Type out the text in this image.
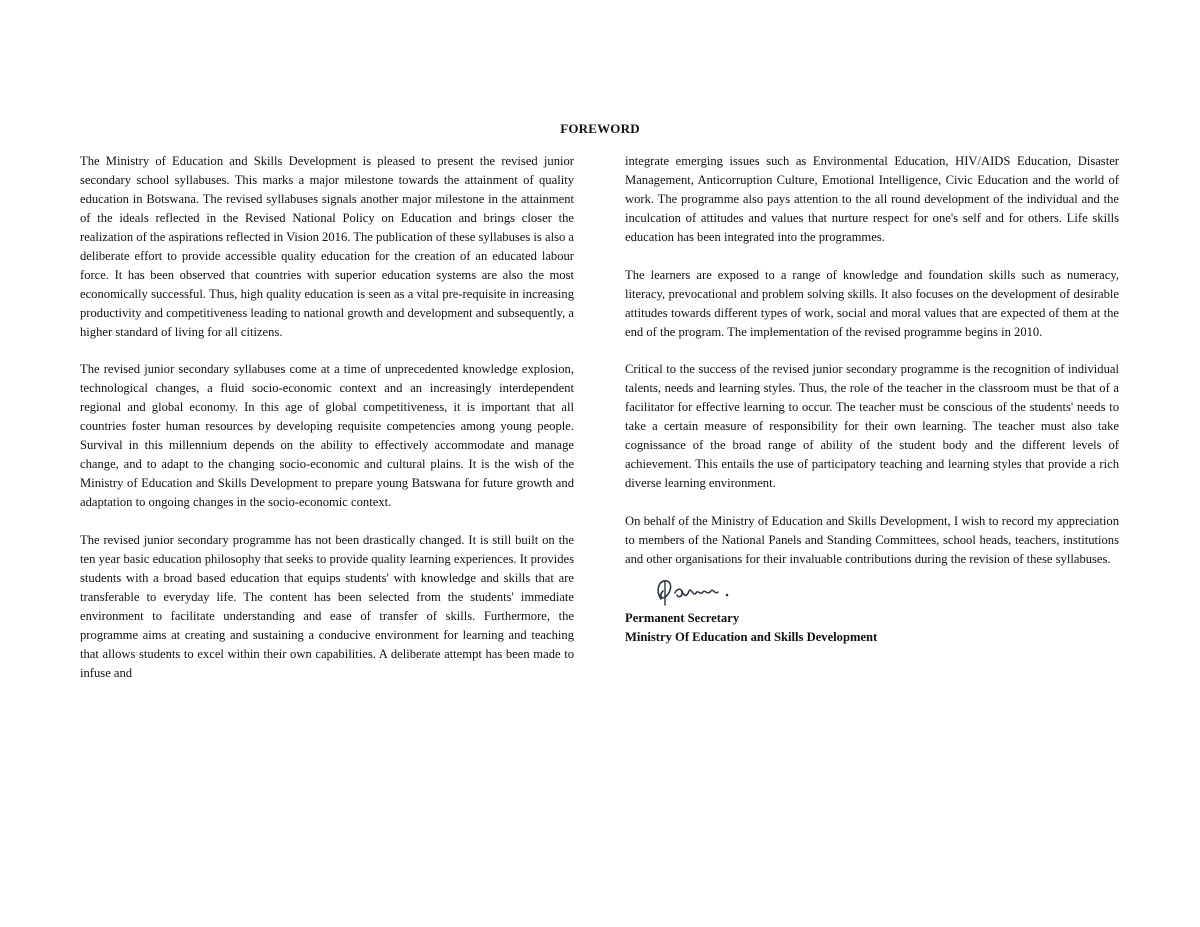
FOREWORD

The Ministry of Education and Skills Development is pleased to present the revised junior secondary school syllabuses. This marks a major milestone towards the attainment of quality education in Botswana. The revised syllabuses signals another major milestone in the attainment of the ideals reflected in the Revised National Policy on Education and brings closer the realization of the aspirations reflected in Vision 2016. The publication of these syllabuses is also a deliberate effort to provide accessible quality education for the creation of an educated labour force. It has been observed that countries with superior education systems are also the most economically successful. Thus, high quality education is seen as a vital pre-requisite in increasing productivity and competitiveness leading to national growth and development and subsequently, a higher standard of living for all citizens.

The revised junior secondary syllabuses come at a time of unprecedented knowledge explosion, technological changes, a fluid socio-economic context and an increasingly interdependent regional and global economy. In this age of global competitiveness, it is important that all countries foster human resources by developing requisite competencies among young people. Survival in this millennium depends on the ability to effectively accommodate and manage change, and to adapt to the changing socio-economic and cultural plains. It is the wish of the Ministry of Education and Skills Development to prepare young Batswana for future growth and adaptation to ongoing changes in the socio-economic context.

The revised junior secondary programme has not been drastically changed. It is still built on the ten year basic education philosophy that seeks to provide quality learning experiences. It provides students with a broad based education that equips students' with knowledge and skills that are transferable to everyday life. The content has been selected from the students' immediate environment to facilitate understanding and ease of transfer of skills. Furthermore, the programme aims at creating and sustaining a conducive environment for learning and teaching that allows students to excel within their own capabilities. A deliberate attempt has been made to infuse and

integrate emerging issues such as Environmental Education, HIV/AIDS Education, Disaster Management, Anticorruption Culture, Emotional Intelligence, Civic Education and the world of work. The programme also pays attention to the all round development of the individual and the inculcation of attitudes and values that nurture respect for one's self and for others. Life skills education has been integrated into the programmes.

The learners are exposed to a range of knowledge and foundation skills such as numeracy, literacy, prevocational and problem solving skills. It also focuses on the development of desirable attitudes towards different types of work, social and moral values that are expected of them at the end of the program. The implementation of the revised programme begins in 2010.

Critical to the success of the revised junior secondary programme is the recognition of individual talents, needs and learning styles. Thus, the role of the teacher in the classroom must be that of a facilitator for effective learning to occur. The teacher must be conscious of the students' needs to take a certain measure of responsibility for their own learning. The teacher must also take cognissance of the broad range of ability of the student body and the different levels of achievement. This entails the use of participatory teaching and learning styles that provide a rich diverse learning environment.

On behalf of the Ministry of Education and Skills Development, I wish to record my appreciation to members of the National Panels and Standing Committees, school heads, teachers, institutions and other organisations for their invaluable contributions during the revision of these syllabuses.

Permanent Secretary
Ministry Of Education and Skills Development
